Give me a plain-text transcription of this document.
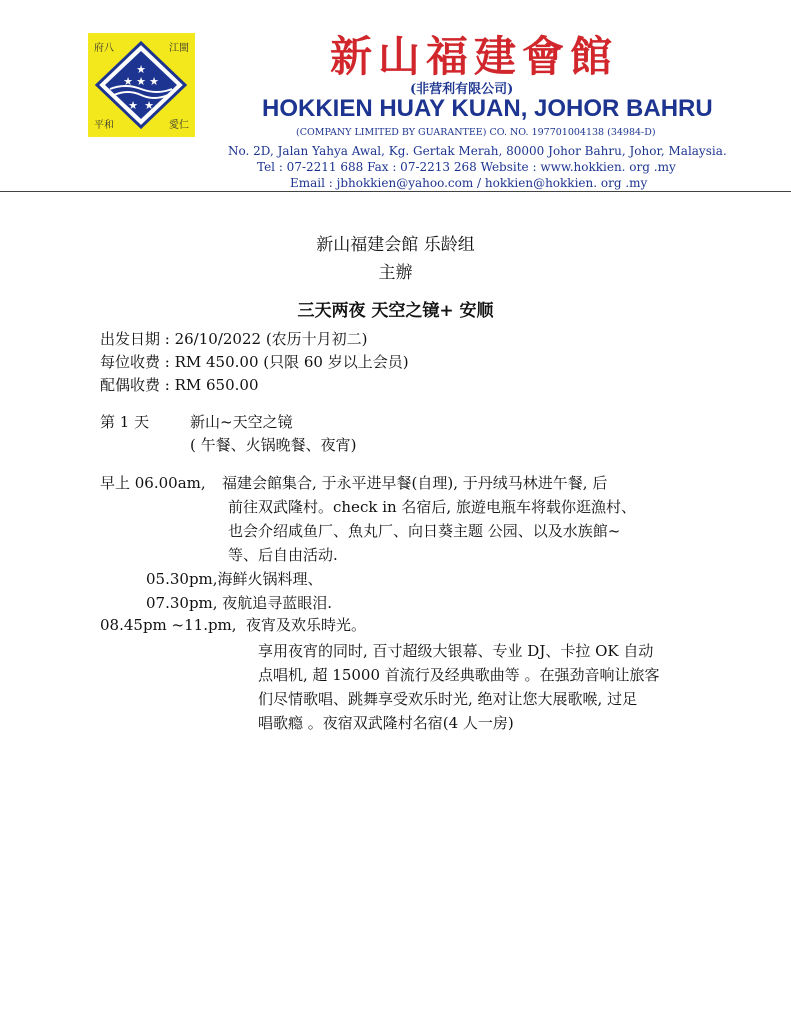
★
★ ★ ★
★ ★
府八	江閩
平和	愛仁

新山福建會館

(非营利有限公司)

HOKKIEN HUAY KUAN, JOHOR BAHRU

(COMPANY LIMITED BY GUARANTEE) CO. NO. 197701004138 (34984-D)

No. 2D, Jalan Yahya Awal, Kg. Gertak Merah, 80000 Johor Bahru, Johor, Malaysia.

Tel : 07-2211 688 Fax : 07-2213 268 Website : www.hokkien. org .my

Email : jbhokkien@yahoo.com / hokkien@hokkien. org .my

新山福建会館 乐龄组

主辦

三天两夜 天空之镜+ 安顺

出发日期 : 26/10/2022 (农历十月初二)

每位收费 : RM 450.00 (只限 60 岁以上会员)

配偶收费 : RM 650.00

第 1 天	新山~天空之镜

( 午餐、火锅晚餐、夜宵)

早上 06.00am, 福建会館集合, 于永平进早餐(自理), 于丹绒马林进午餐, 后

前往双武隆村。check in 名宿后, 旅遊电瓶车将载你逛漁村、

也会介绍咸鱼厂、魚丸厂、向日葵主题 公园、以及水族館~

等、后自由活动.

05.30pm,海鲜火锅料理、

07.30pm, 夜航追寻蓝眼泪.

08.45pm ~11.pm, 夜宵及欢乐時光。

享用夜宵的同时, 百寸超级大银幕、专业 DJ、卡拉 OK 自动

点唱机, 超 15000 首流行及经典歌曲等 。在强劲音响让旅客

们尽情歌唱、跳舞享受欢乐时光, 绝对让您大展歌喉, 过足

唱歌瘾 。夜宿双武隆村名宿(4 人一房)
